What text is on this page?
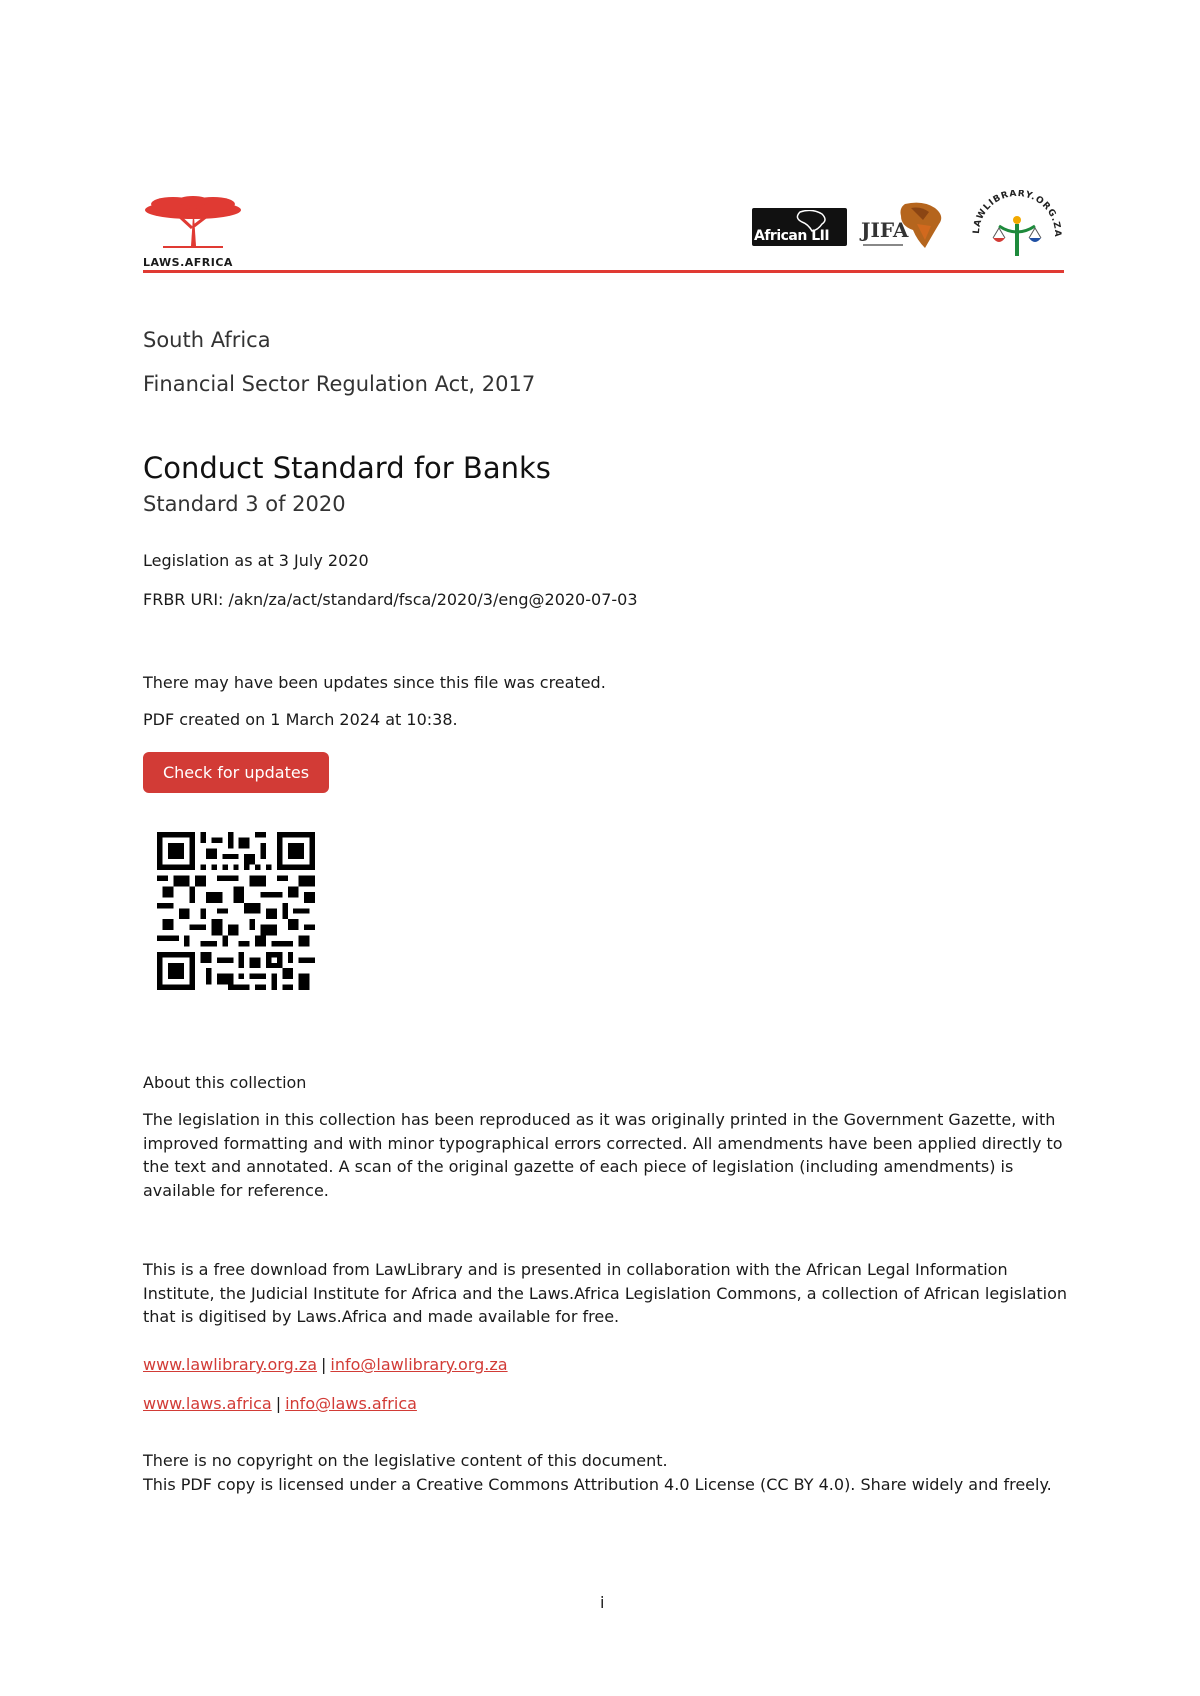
LAWS.AFRICA
African LII JIFA	LAWLIBRARY.ORG.ZA
South Africa
Financial Sector Regulation Act, 2017
Conduct Standard for Banks
Standard 3 of 2020
Legislation as at 3 July 2020
FRBR URI: /akn/za/act/standard/fsca/2020/3/eng@2020-07-03
There may have been updates since this file was created.
PDF created on 1 March 2024 at 10:38.
Check for updates
About this collection
The legislation in this collection has been reproduced as it was originally printed in the Government Gazette, with improved formatting and with minor typographical errors corrected. All amendments have been applied directly to the text and annotated. A scan of the original gazette of each piece of legislation (including amendments) is available for reference.
This is a free download from LawLibrary and is presented in collaboration with the African Legal Information Institute, the Judicial Institute for Africa and the Laws.Africa Legislation Commons, a collection of African legislation that is digitised by Laws.Africa and made available for free.
www.lawlibrary.org.za | info@lawlibrary.org.za
www.laws.africa | info@laws.africa
There is no copyright on the legislative content of this document.
This PDF copy is licensed under a Creative Commons Attribution 4.0 License (CC BY 4.0). Share widely and freely.
i
